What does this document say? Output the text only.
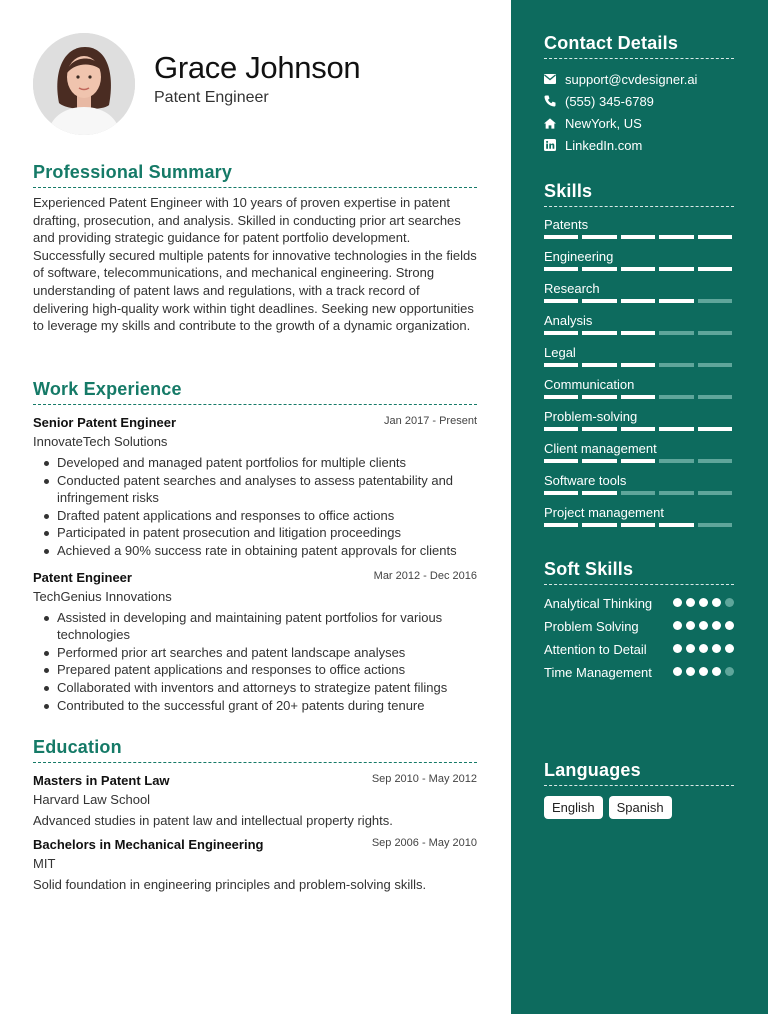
Grace Johnson
Patent Engineer
Professional Summary
Experienced Patent Engineer with 10 years of proven expertise in patent drafting, prosecution, and analysis. Skilled in conducting prior art searches and providing strategic guidance for patent portfolio development. Successfully secured multiple patents for innovative technologies in the fields of software, telecommunications, and mechanical engineering. Strong understanding of patent laws and regulations, with a track record of delivering high-quality work within tight deadlines. Seeking new opportunities to leverage my skills and contribute to the growth of a dynamic organization.
Work Experience
Senior Patent Engineer	Jan 2017 - Present
InnovateTech Solutions
Developed and managed patent portfolios for multiple clients
Conducted patent searches and analyses to assess patentability and infringement risks
Drafted patent applications and responses to office actions
Participated in patent prosecution and litigation proceedings
Achieved a 90% success rate in obtaining patent approvals for clients
Patent Engineer	Mar 2012 - Dec 2016
TechGenius Innovations
Assisted in developing and maintaining patent portfolios for various technologies
Performed prior art searches and patent landscape analyses
Prepared patent applications and responses to office actions
Collaborated with inventors and attorneys to strategize patent filings
Contributed to the successful grant of 20+ patents during tenure
Education
Masters in Patent Law	Sep 2010 - May 2012
Harvard Law School
Advanced studies in patent law and intellectual property rights.
Bachelors in Mechanical Engineering	Sep 2006 - May 2010
MIT
Solid foundation in engineering principles and problem-solving skills.
Contact Details
support@cvdesigner.ai
(555) 345-6789
NewYork, US
LinkedIn.com
Skills
Patents
Engineering
Research
Analysis
Legal
Communication
Problem-solving
Client management
Software tools
Project management
Soft Skills
Analytical Thinking
Problem Solving
Attention to Detail
Time Management
Languages
English	Spanish
